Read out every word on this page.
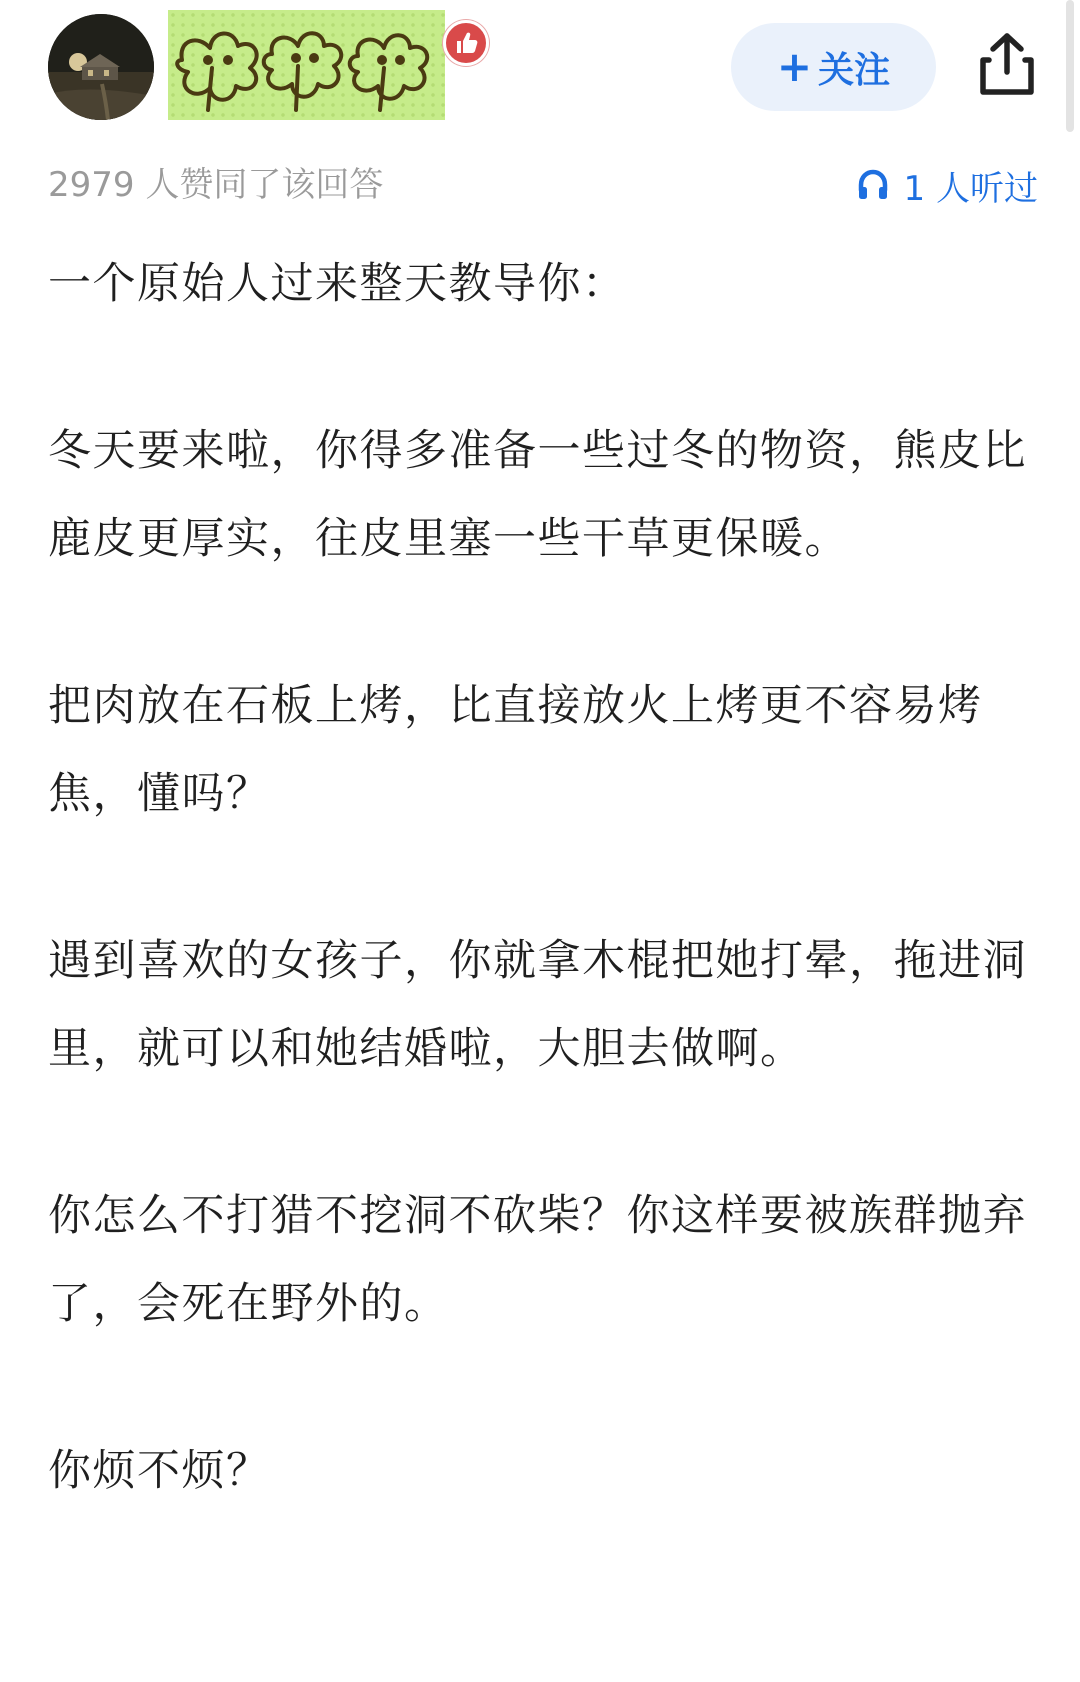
+ 关注
2979 人赞同了该回答	1 人听过

一个原始人过来整天教导你：

冬天要来啦，你得多准备一些过冬的物资，熊皮比鹿皮更厚实，往皮里塞一些干草更保暖。

把肉放在石板上烤，比直接放火上烤更不容易烤焦，懂吗？

遇到喜欢的女孩子，你就拿木棍把她打晕，拖进洞里，就可以和她结婚啦，大胆去做啊。

你怎么不打猎不挖洞不砍柴？你这样要被族群抛弃了，会死在野外的。

你烦不烦？
